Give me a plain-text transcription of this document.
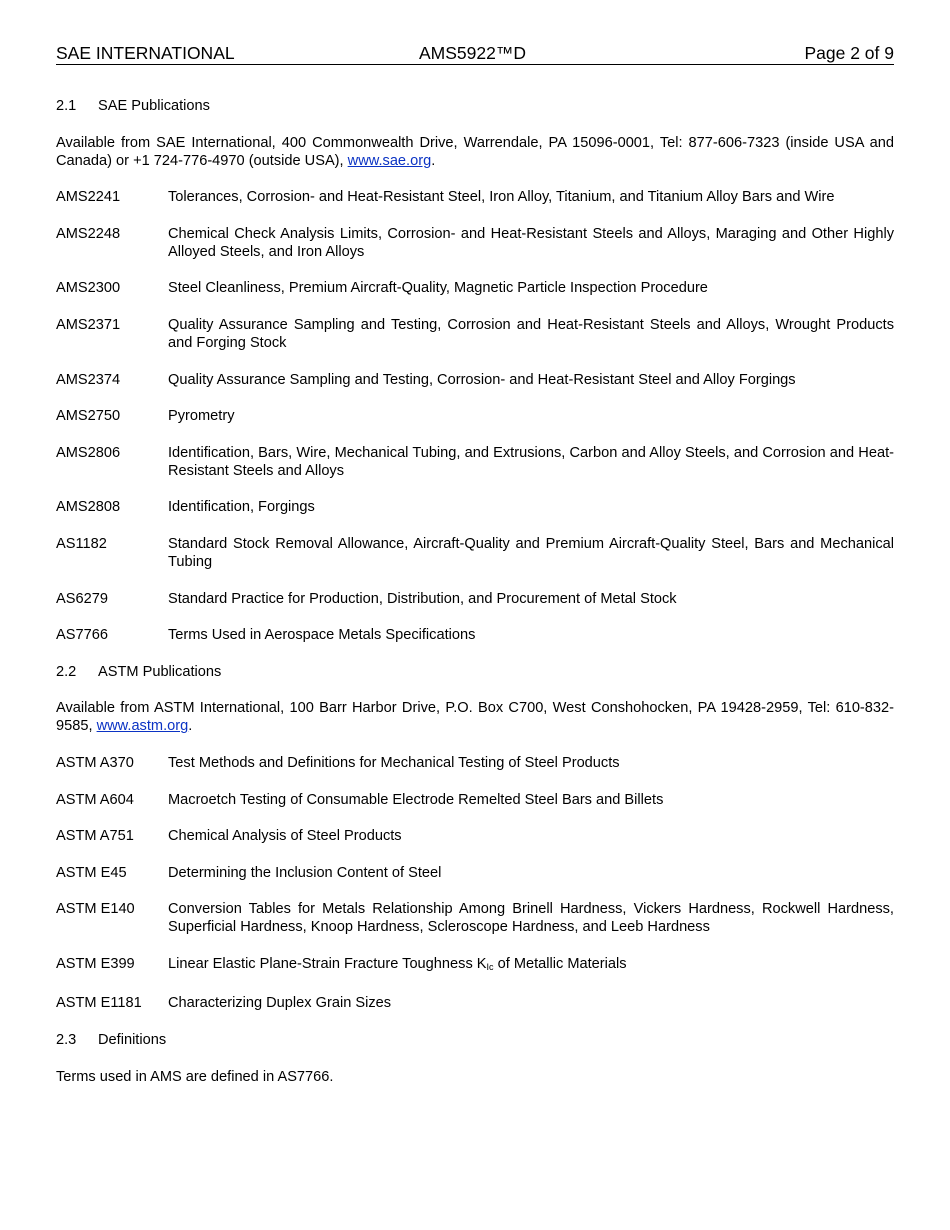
SAE INTERNATIONAL	AMS5922™D	Page 2 of 9
2.1	SAE Publications

Available from SAE International, 400 Commonwealth Drive, Warrendale, PA 15096-0001, Tel: 877-606-7323 (inside USA and Canada) or +1 724-776-4970 (outside USA), www.sae.org.

AMS2241	Tolerances, Corrosion- and Heat-Resistant Steel, Iron Alloy, Titanium, and Titanium Alloy Bars and Wire
AMS2248	Chemical Check Analysis Limits, Corrosion- and Heat-Resistant Steels and Alloys, Maraging and Other Highly Alloyed Steels, and Iron Alloys
AMS2300	Steel Cleanliness, Premium Aircraft-Quality, Magnetic Particle Inspection Procedure
AMS2371	Quality Assurance Sampling and Testing, Corrosion and Heat-Resistant Steels and Alloys, Wrought Products and Forging Stock
AMS2374	Quality Assurance Sampling and Testing, Corrosion- and Heat-Resistant Steel and Alloy Forgings
AMS2750	Pyrometry
AMS2806	Identification, Bars, Wire, Mechanical Tubing, and Extrusions, Carbon and Alloy Steels, and Corrosion and Heat-Resistant Steels and Alloys
AMS2808	Identification, Forgings
AS1182	Standard Stock Removal Allowance, Aircraft-Quality and Premium Aircraft-Quality Steel, Bars and Mechanical Tubing
AS6279	Standard Practice for Production, Distribution, and Procurement of Metal Stock
AS7766	Terms Used in Aerospace Metals Specifications
2.2	ASTM Publications

Available from ASTM International, 100 Barr Harbor Drive, P.O. Box C700, West Conshohocken, PA 19428-2959, Tel: 610-832-9585, www.astm.org.

ASTM A370	Test Methods and Definitions for Mechanical Testing of Steel Products
ASTM A604	Macroetch Testing of Consumable Electrode Remelted Steel Bars and Billets
ASTM A751	Chemical Analysis of Steel Products
ASTM E45	Determining the Inclusion Content of Steel
ASTM E140	Conversion Tables for Metals Relationship Among Brinell Hardness, Vickers Hardness, Rockwell Hardness, Superficial Hardness, Knoop Hardness, Scleroscope Hardness, and Leeb Hardness
ASTM E399	Linear Elastic Plane-Strain Fracture Toughness $K_{Ic}$ of Metallic Materials
ASTM E1181	Characterizing Duplex Grain Sizes
2.3	Definitions

Terms used in AMS are defined in AS7766.
